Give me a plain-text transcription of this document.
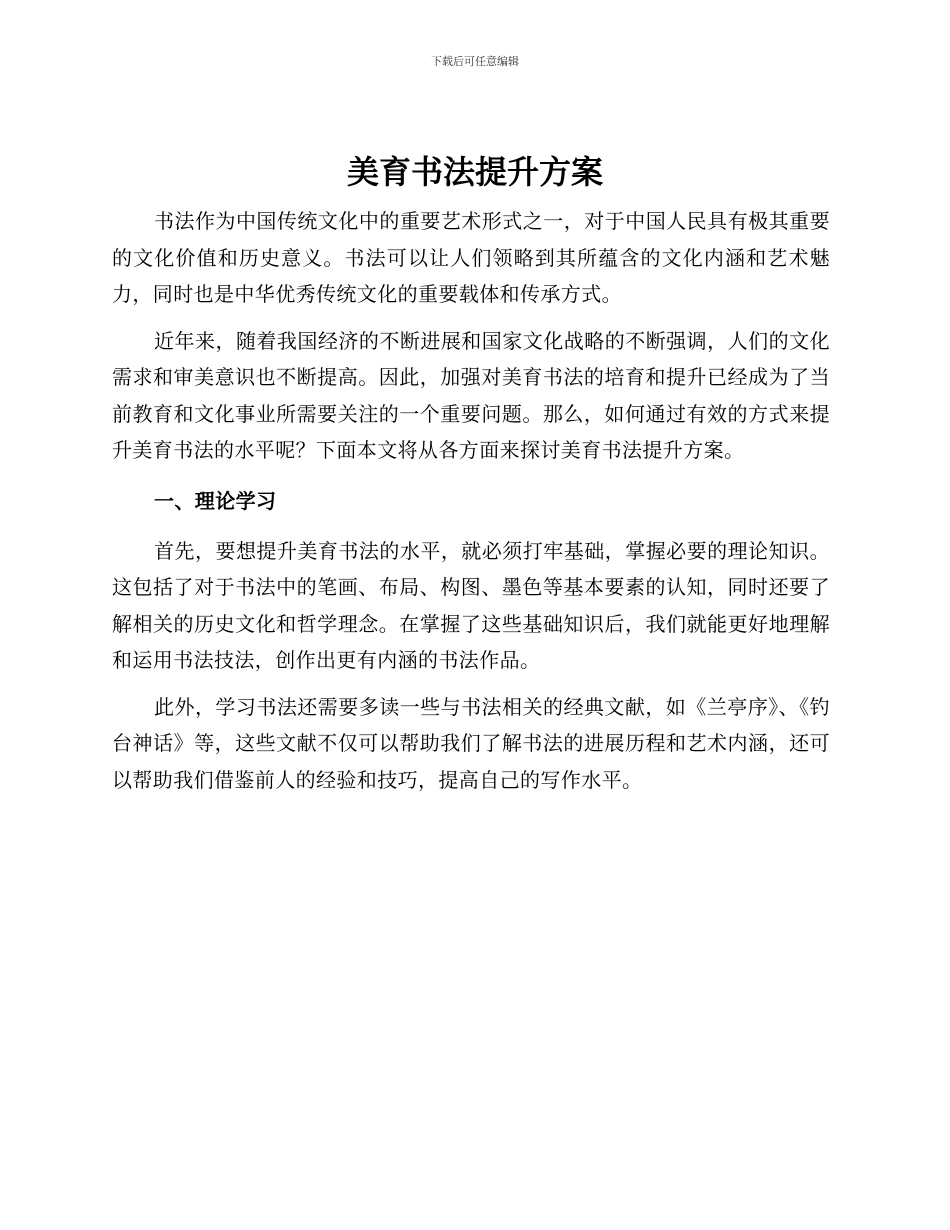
下载后可任意编辑
美育书法提升方案

书法作为中国传统文化中的重要艺术形式之一，对于中国人民具有极其重要的文化价值和历史意义。书法可以让人们领略到其所蕴含的文化内涵和艺术魅力，同时也是中华优秀传统文化的重要载体和传承方式。

近年来，随着我国经济的不断进展和国家文化战略的不断强调，人们的文化需求和审美意识也不断提高。因此，加强对美育书法的培育和提升已经成为了当前教育和文化事业所需要关注的一个重要问题。那么，如何通过有效的方式来提升美育书法的水平呢？下面本文将从各方面来探讨美育书法提升方案。

一、理论学习

首先，要想提升美育书法的水平，就必须打牢基础，掌握必要的理论知识。这包括了对于书法中的笔画、布局、构图、墨色等基本要素的认知，同时还要了解相关的历史文化和哲学理念。在掌握了这些基础知识后，我们就能更好地理解和运用书法技法，创作出更有内涵的书法作品。

此外，学习书法还需要多读一些与书法相关的经典文献，如《兰亭序》、《钓台神话》等，这些文献不仅可以帮助我们了解书法的进展历程和艺术内涵，还可以帮助我们借鉴前人的经验和技巧，提高自己的写作水平。
